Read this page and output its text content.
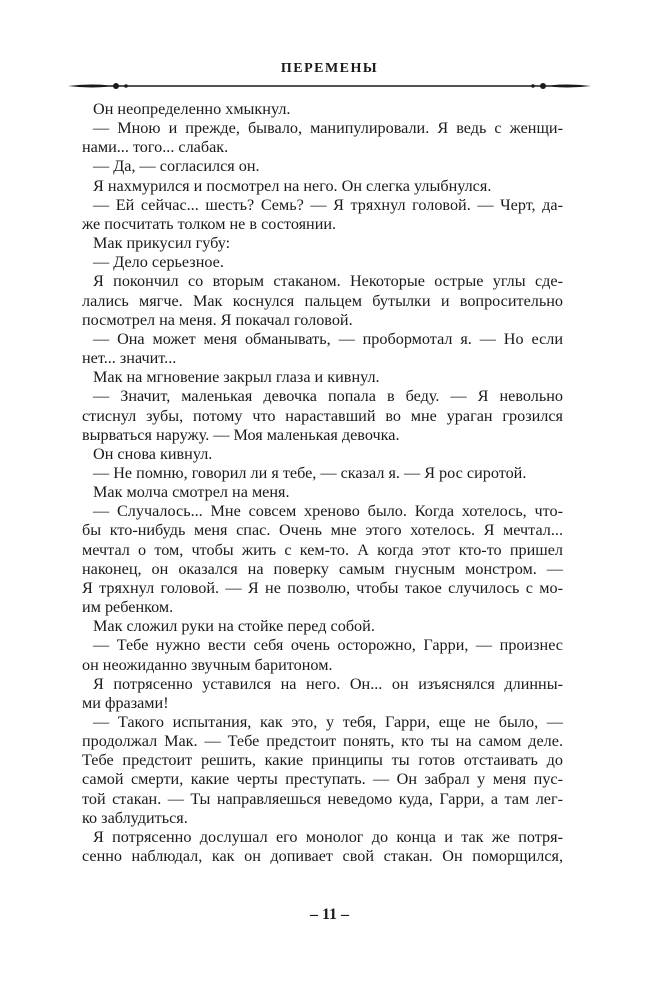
ПЕРЕМЕНЫ
Он неопределенно хмыкнул.
— Мною и прежде, бывало, манипулировали. Я ведь с женщи-
нами... того... слабак.
— Да, — согласился он.
Я нахмурился и посмотрел на него. Он слегка улыбнулся.
— Ей сейчас... шесть? Семь? — Я тряхнул головой. — Черт, да-
же посчитать толком не в состоянии.
Мак прикусил губу:
— Дело серьезное.
Я покончил со вторым стаканом. Некоторые острые углы сде-
лались мягче. Мак коснулся пальцем бутылки и вопросительно
посмотрел на меня. Я покачал головой.
— Она может меня обманывать, — пробормотал я. — Но если
нет... значит...
Мак на мгновение закрыл глаза и кивнул.
— Значит, маленькая девочка попала в беду. — Я невольно
стиснул зубы, потому что нараставший во мне ураган грозился
вырваться наружу. — Моя маленькая девочка.
Он снова кивнул.
— Не помню, говорил ли я тебе, — сказал я. — Я рос сиротой.
Мак молча смотрел на меня.
— Случалось... Мне совсем хреново было. Когда хотелось, что-
бы кто-нибудь меня спас. Очень мне этого хотелось. Я мечтал...
мечтал о том, чтобы жить с кем-то. А когда этот кто-то пришел
наконец, он оказался на поверку самым гнусным монстром. —
Я тряхнул головой. — Я не позволю, чтобы такое случилось с мо-
им ребенком.
Мак сложил руки на стойке перед собой.
— Тебе нужно вести себя очень осторожно, Гарри, — произнес
он неожиданно звучным баритоном.
Я потрясенно уставился на него. Он... он изъяснялся длинны-
ми фразами!
— Такого испытания, как это, у тебя, Гарри, еще не было, —
продолжал Мак. — Тебе предстоит понять, кто ты на самом деле.
Тебе предстоит решить, какие принципы ты готов отстаивать до
самой смерти, какие черты преступать. — Он забрал у меня пус-
той стакан. — Ты направляешься неведомо куда, Гарри, а там лег-
ко заблудиться.
Я потрясенно дослушал его монолог до конца и так же потря-
сенно наблюдал, как он допивает свой стакан. Он поморщился,
– 11 –
